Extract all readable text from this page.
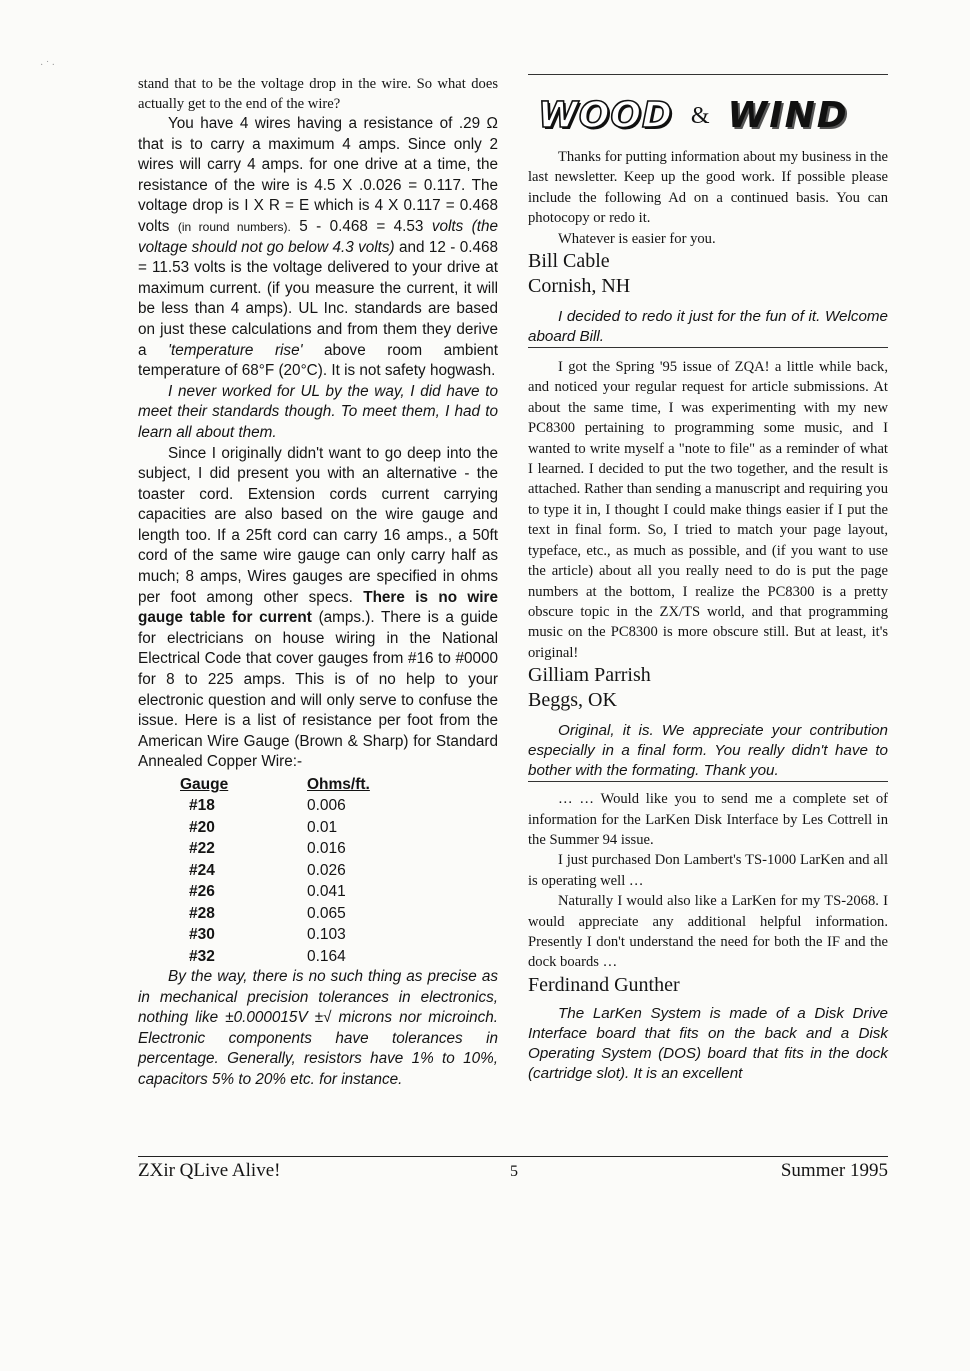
· ˙ ·

stand that to be the voltage drop in the wire. So what does actually get to the end of the wire?

You have 4 wires having a resistance of .29 Ω that is to carry a maximum 4 amps. Since only 2 wires will carry 4 amps. for one drive at a time, the resistance of the wire is 4.5 X .0.026 = 0.117. The voltage drop is I X R = E which is 4 X 0.117 = 0.468 volts (in round numbers). 5 - 0.468 = 4.53 volts (the voltage should not go below 4.3 volts) and 12 - 0.468 = 11.53 volts is the voltage delivered to your drive at maximum current. (if you measure the current, it will be less than 4 amps). UL Inc. standards are based on just these calculations and from them they derive a 'temperature rise' above room ambient temperature of 68°F (20°C). It is not safety hogwash.

I never worked for UL by the way, I did have to meet their standards though. To meet them, I had to learn all about them.

Since I originally didn't want to go deep into the subject, I did present you with an alternative - the toaster cord. Extension cords current carrying capacities are also based on the wire gauge and length too. If a 25ft cord can carry 16 amps., a 50ft cord of the same wire gauge can only carry half as much; 8 amps, Wires gauges are specified in ohms per foot among other specs. There is no wire gauge table for current (amps.). There is a guide for electricians on house wiring in the National Electrical Code that cover gauges from #16 to #0000 for 8 to 225 amps. This is of no help to your electronic question and will only serve to confuse the issue. Here is a list of resistance per foot from the American Wire Gauge (Brown & Sharp) for Standard Annealed Copper Wire:-

Gauge	Ohms/ft.
#18	0.006
#20	0.01
#22	0.016
#24	0.026
#26	0.041
#28	0.065
#30	0.103
#32	0.164

By the way, there is no such thing as precise as in mechanical precision tolerances in electronics, nothing like ±0.000015V ±√ microns nor microinch. Electronic components have tolerances in percentage. Generally, resistors have 1% to 10%, capacitors 5% to 20% etc. for instance.

WOOD & WIND

Thanks for putting information about my business in the last newsletter. Keep up the good work. If possible please include the following Ad on a continued basis. You can photocopy or redo it.

Whatever is easier for you.

Bill Cable

Cornish, NH

I decided to redo it just for the fun of it. Welcome aboard Bill.

I got the Spring '95 issue of ZQA! a little while back, and noticed your regular request for article submissions. At about the same time, I was experimenting with my new PC8300 pertaining to programming some music, and I wanted to write myself a "note to file" as a reminder of what I learned. I decided to put the two together, and the result is attached. Rather than sending a manuscript and requiring you to type it in, I thought I could make things easier if I put the text in final form. So, I tried to match your page layout, typeface, etc., as much as possible, and (if you want to use the article) about all you really need to do is put the page numbers at the bottom, I realize the PC8300 is a pretty obscure topic in the ZX/TS world, and that programming music on the PC8300 is more obscure still. But at least, it's original!

Gilliam Parrish

Beggs, OK

Original, it is. We appreciate your contribution especially in a final form. You really didn't have to bother with the formating. Thank you.

… … Would like you to send me a complete set of information for the LarKen Disk Interface by Les Cottrell in the Summer 94 issue.

I just purchased Don Lambert's TS-1000 LarKen and all is operating well …

Naturally I would also like a LarKen for my TS-2068. I would appreciate any additional helpful information. Presently I don't understand the need for both the IF and the dock boards …

Ferdinand Gunther

The LarKen System is made of a Disk Drive Interface board that fits on the back and a Disk Operating System (DOS) board that fits in the dock (cartridge slot). It is an excellent

ZXir QLive Alive!	5	Summer 1995
